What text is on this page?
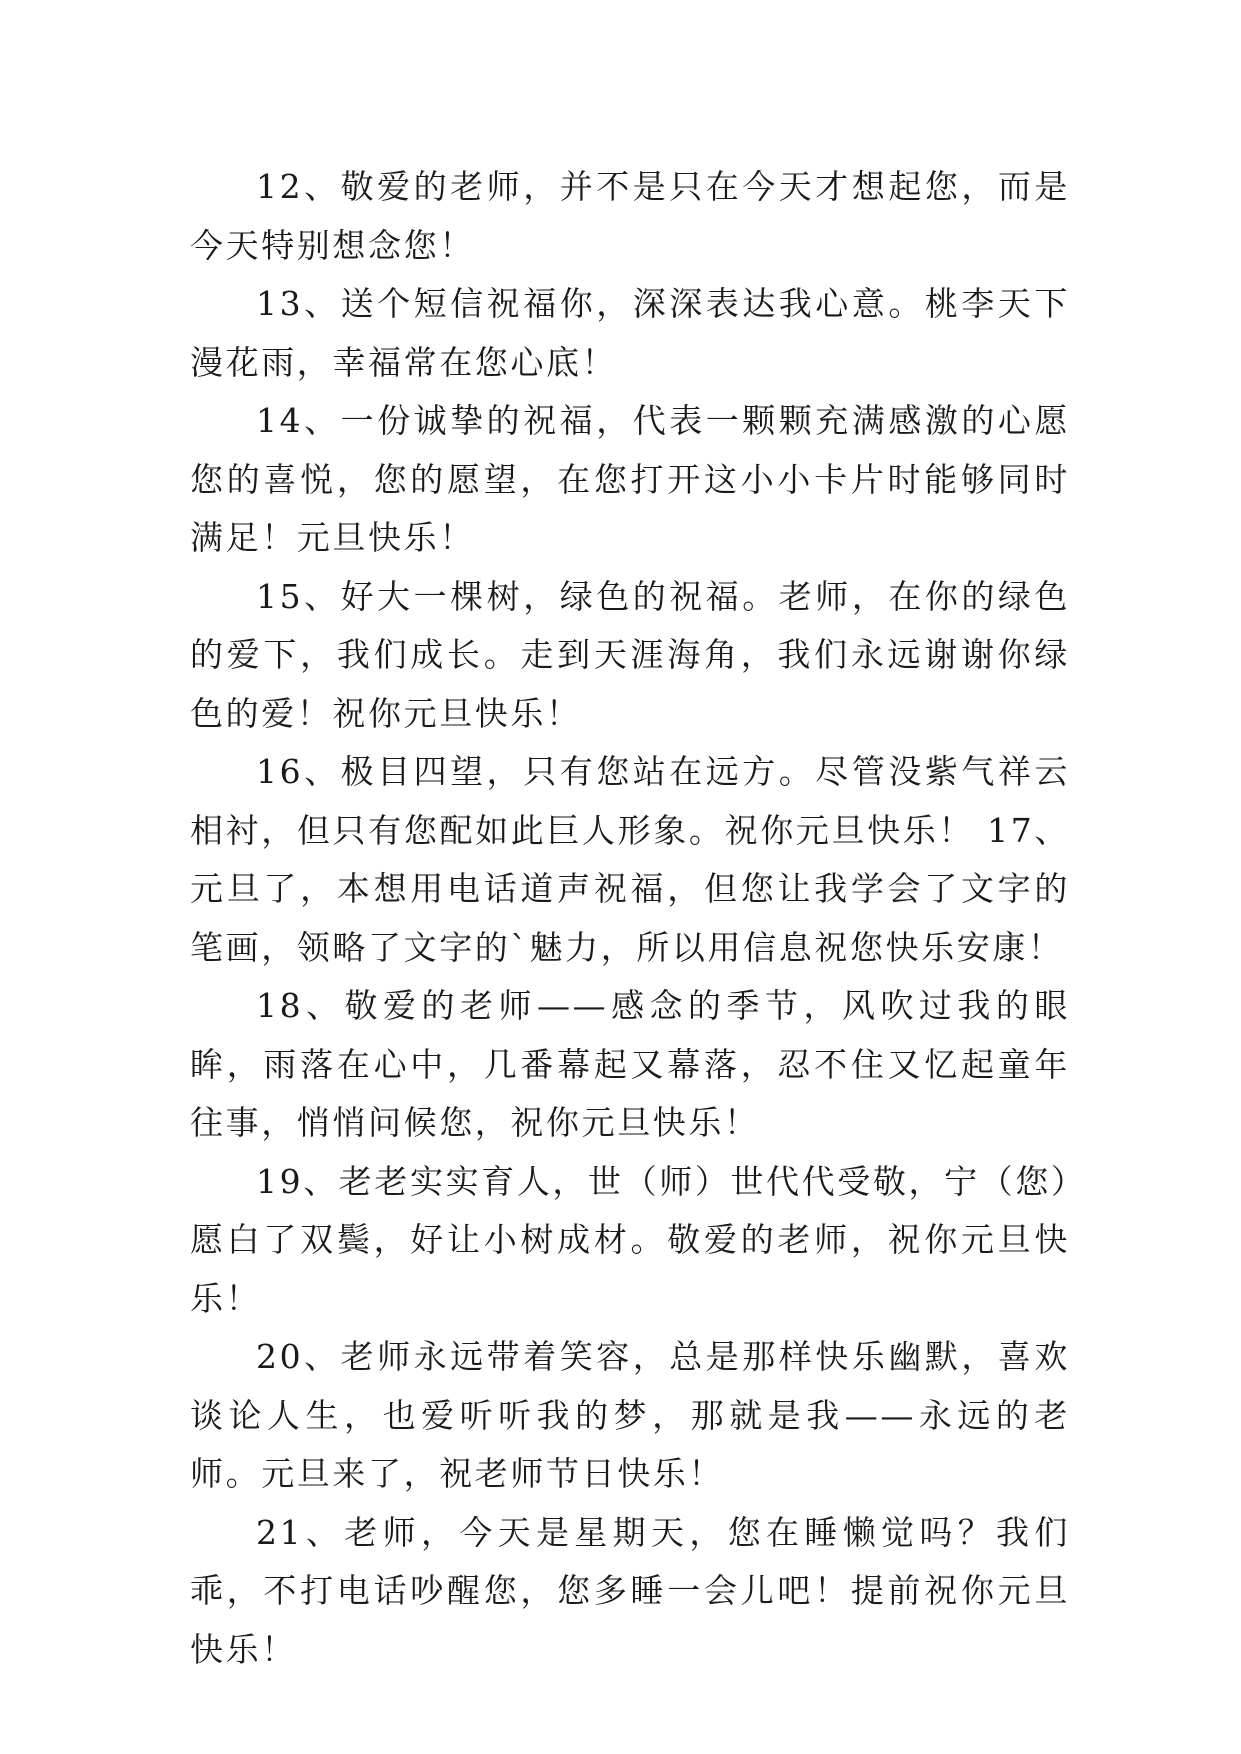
12、敬爱的老师，并不是只在今天才想起您，而是今天特别想念您！

13、送个短信祝福你，深深表达我心意。桃李天下漫花雨，幸福常在您心底！

14、一份诚挚的祝福，代表一颗颗充满感激的心愿您的喜悦，您的愿望，在您打开这小小卡片时能够同时满足！元旦快乐！

15、好大一棵树，绿色的祝福。老师，在你的绿色的爱下，我们成长。走到天涯海角，我们永远谢谢你绿色的爱！祝你元旦快乐！

16、极目四望，只有您站在远方。尽管没紫气祥云相衬，但只有您配如此巨人形象。祝你元旦快乐！ 17、元旦了，本想用电话道声祝福，但您让我学会了文字的笔画，领略了文字的`魅力，所以用信息祝您快乐安康！

18、敬爱的老师——感念的季节，风吹过我的眼眸，雨落在心中，几番幕起又幕落，忍不住又忆起童年往事，悄悄问候您，祝你元旦快乐！

19、老老实实育人，世（师）世代代受敬，宁（您）愿白了双鬓，好让小树成材。敬爱的老师，祝你元旦快乐！

20、老师永远带着笑容，总是那样快乐幽默，喜欢谈论人生，也爱听听我的梦，那就是我——永远的老师。元旦来了，祝老师节日快乐！

21、老师，今天是星期天，您在睡懒觉吗？我们乖，不打电话吵醒您，您多睡一会儿吧！提前祝你元旦快乐！
